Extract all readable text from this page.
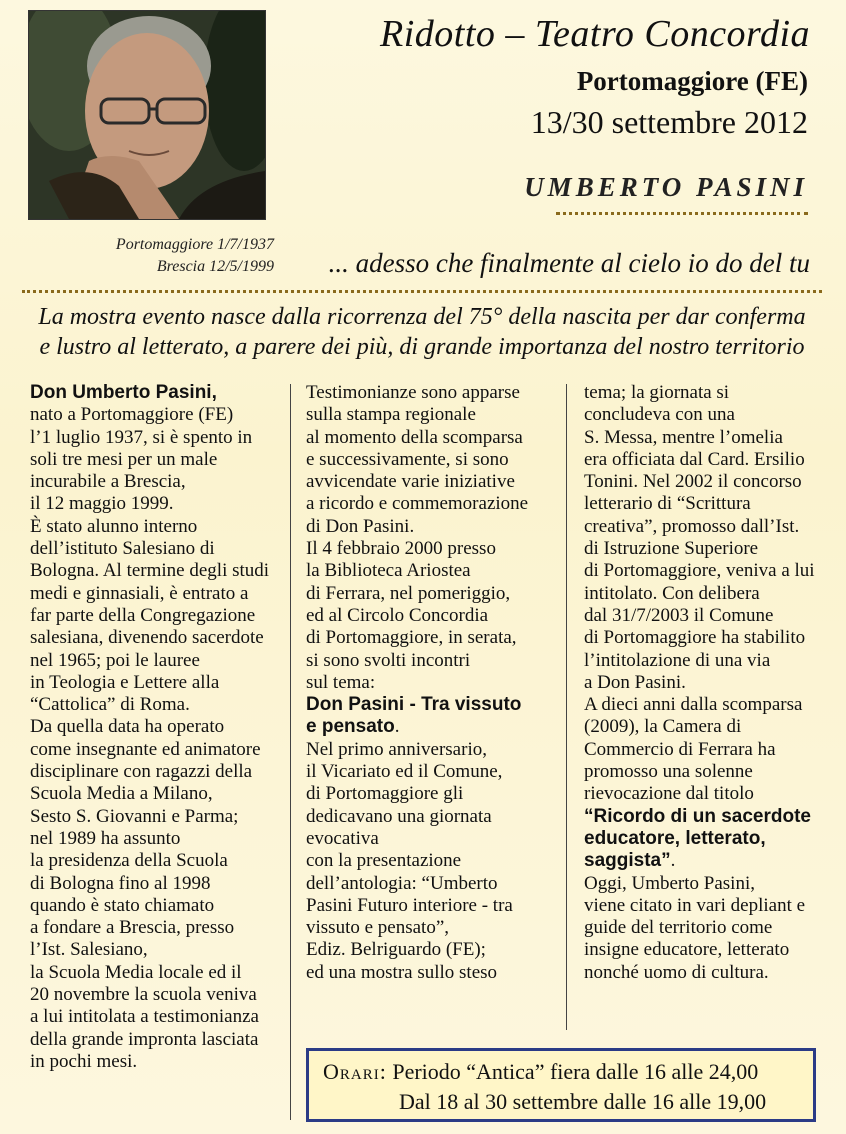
Ridotto – Teatro Concordia
Portomaggiore (FE)
13/30 settembre 2012
UMBERTO PASINI
Portomaggiore 1/7/1937
Brescia 12/5/1999 ... adesso che finalmente al cielo io do del tu
La mostra evento nasce dalla ricorrenza del 75° della nascita per dar conferma
e lustro al letterato, a parere dei più, di grande importanza del nostro territorio

Don Umberto Pasini,

nato a Portomaggiore (FE)

l’1 luglio 1937, si è spento in

soli tre mesi per un male

incurabile a Brescia,

il 12 maggio 1999.

È stato alunno interno

dell’istituto Salesiano di

Bologna. Al termine degli studi

medi e ginnasiali, è entrato a

far parte della Congregazione

salesiana, divenendo sacerdote

nel 1965; poi le lauree

in Teologia e Lettere alla

“Cattolica” di Roma.

Da quella data ha operato

come insegnante ed animatore

disciplinare con ragazzi della

Scuola Media a Milano,

Sesto S. Giovanni e Parma;

nel 1989 ha assunto

la presidenza della Scuola

di Bologna fino al 1998

quando è stato chiamato

a fondare a Brescia, presso

l’Ist. Salesiano,

la Scuola Media locale ed il

20 novembre la scuola veniva

a lui intitolata a testimonianza

della grande impronta lasciata

in pochi mesi.

Testimonianze sono apparse

sulla stampa regionale

al momento della scomparsa

e successivamente, si sono

avvicendate varie iniziative

a ricordo e commemorazione

di Don Pasini.

Il 4 febbraio 2000 presso

la Biblioteca Ariostea

di Ferrara, nel pomeriggio,

ed al Circolo Concordia

di Portomaggiore, in serata,

si sono svolti incontri

sul tema:

Don Pasini - Tra vissuto

e pensato.

Nel primo anniversario,

il Vicariato ed il Comune,

di Portomaggiore gli

dedicavano una giornata

evocativa

con la presentazione

dell’antologia: “Umberto

Pasini Futuro interiore - tra

vissuto e pensato”,

Ediz. Belriguardo (FE);

ed una mostra sullo steso

tema; la giornata si

concludeva con una

S. Messa, mentre l’omelia

era officiata dal Card. Ersilio

Tonini. Nel 2002 il concorso

letterario di “Scrittura

creativa”, promosso dall’Ist.

di Istruzione Superiore

di Portomaggiore, veniva a lui

intitolato. Con delibera

dal 31/7/2003 il Comune

di Portomaggiore ha stabilito

l’intitolazione di una via

a Don Pasini.

A dieci anni dalla scomparsa

(2009), la Camera di

Commercio di Ferrara ha

promosso una solenne

rievocazione dal titolo

“Ricordo di un sacerdote

educatore, letterato,

saggista”.

Oggi, Umberto Pasini,

viene citato in vari depliant e

guide del territorio come

insigne educatore, letterato

nonché uomo di cultura.

Orari: Periodo “Antica” fiera dalle 16 alle 24,00
Dal 18 al 30 settembre dalle 16 alle 19,00
